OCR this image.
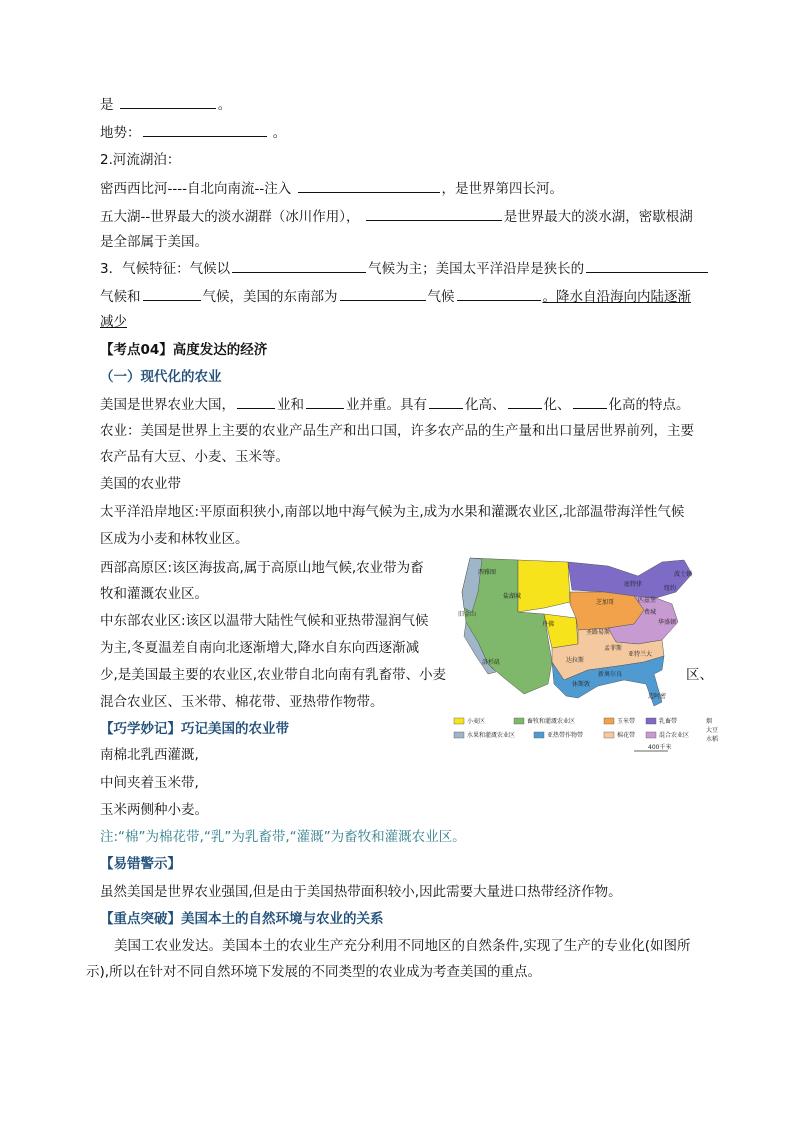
是	。
地势：	。
2.河流湖泊：
密西西比河----自北向南流--注入	，是世界第四长河。
五大湖--世界最大的淡水湖群（冰川作用），	是世界最大的淡水湖，密歇根湖
是全部属于美国。
3．气候特征：气候以	气候为主；美国太平洋沿岸是狭长的
气候和	气候，美国的东南部为	气候	。降水自沿海向内陆逐渐
减少
【考点04】高度发达的经济
（一）现代化的农业
美国是世界农业大国，	业和	业并重。具有	化高、	化、	化高的特点。
农业：美国是世界上主要的农业产品生产和出口国，许多农产品的生产量和出口量居世界前列，主要
农产品有大豆、小麦、玉米等。
美国的农业带
太平洋沿岸地区:平原面积狭小,南部以地中海气候为主,成为水果和灌溉农业区,北部温带海洋性气候
区成为小麦和林牧业区。
西部高原区:该区海拔高,属于高原山地气候,农业带为畜
牧和灌溉农业区。
中东部农业区:该区以温带大陆性气候和亚热带湿润气候
为主,冬夏温差自南向北逐渐增大,降水自东向西逐渐减
少,是美国最主要的农业区,农业带自北向南有乳畜带、小麦	区、
混合农业区、玉米带、棉花带、亚热带作物带。
【巧学妙记】巧记美国的农业带
南棉北乳西灌溉,
中间夹着玉米带,
玉米两侧种小麦。
注:“棉”为棉花带,“乳”为乳畜带,“灌溉”为畜牧和灌溉农业区。
【易错警示】
虽然美国是世界农业强国,但是由于美国热带面积较小,因此需要大量进口热带经济作物。
【重点突破】美国本土的自然环境与农业的关系
美国工农业发达。美国本土的农业生产充分利用不同地区的自然条件,实现了生产的专业化(如图所
示),所以在针对不同自然环境下发展的不同类型的农业成为考查美国的重点。
西雅图
盐湖城
旧金山
洛杉矶
丹佛
芝加哥
圣路易斯
底特律
匹兹堡
纽约
费城
华盛顿
亚特兰大
孟菲斯
达拉斯
休斯敦
新奥尔良
迈阿密
波士顿
小麦区	畜牧和灌溉农业区	玉米带	乳畜带	烟
水果和灌溉农业区	亚热带作物带	棉花带	混合农业区
大豆
水稻
400千米
